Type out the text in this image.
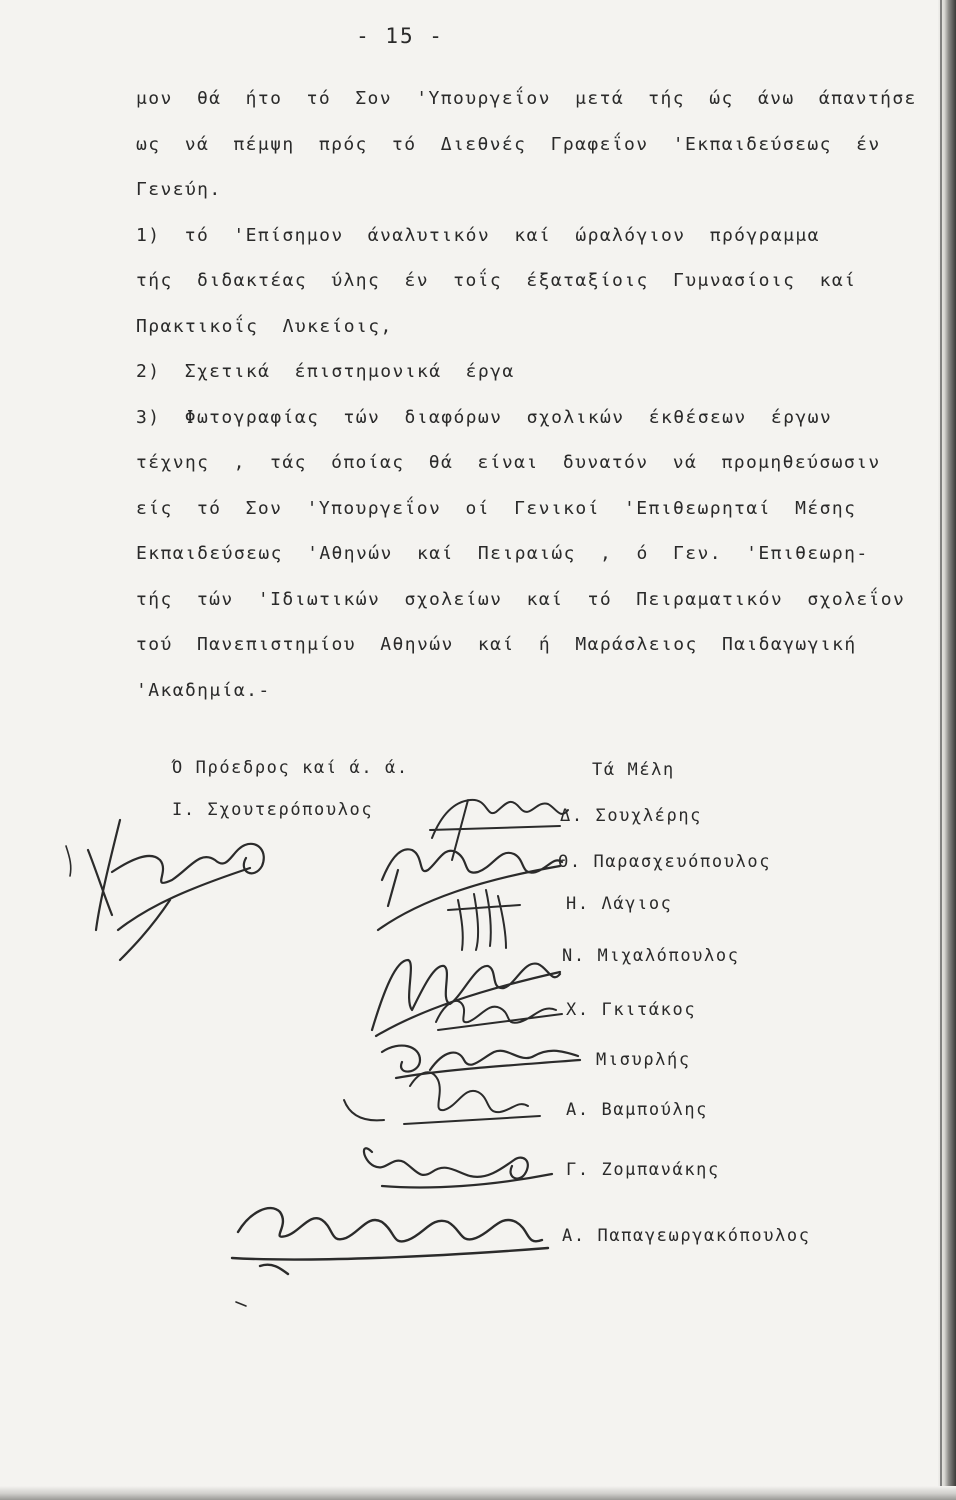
- 15 -
μον θά ήτο τό Σον 'Υπουργεΐον μετά τής ώς άνω άπαντήσε
ως νά πέμψη πρός τό Διεθνές Γραφεΐον 'Εκπαιδεύσεως έν
Γενεύη.
1) τό 'Επίσημον άναλυτικόν καί ώραλόγιον πρόγραμμα
τής διδακτέας ύλης έν τοΐς έξαταξίοις Γυμνασίοις καί
Πρακτικοΐς Λυκείοις,
2) Σχετικά έπιστημονικά έργα
3) Φωτογραφίας τών διαφόρων σχολικών έκθέσεων έργων
τέχνης , τάς όποίας θά είναι δυνατόν νά προμηθεύσωσιν
είς τό Σον 'Υπουργεΐον οί Γενικοί 'Επιθεωρηταί Μέσης
Εκπαιδεύσεως 'Αθηνών καί Πειραιώς , ό Γεν. 'Επιθεωρη-
τής τών 'Ιδιωτικών σχολείων καί τό Πειραματικόν σχολεΐον
τού Πανεπιστημίου Αθηνών καί ή Μαράσλειος Παιδαγωγική
'Ακαδημία.-
Ό Πρόεδρος καί ά. ά.
Ι. Σχουτερόπουλος
Τά Μέλη
Δ. Σουχλέρης
Θ. Παρασχευόπουλος
Η. Λάγιος
Ν. Μιχαλόπουλος
Χ. Γκιτάκος
Μισυρλής
Α. Βαμπούλης
Γ. Ζομπανάκης
Α. Παπαγεωργακόπουλος
